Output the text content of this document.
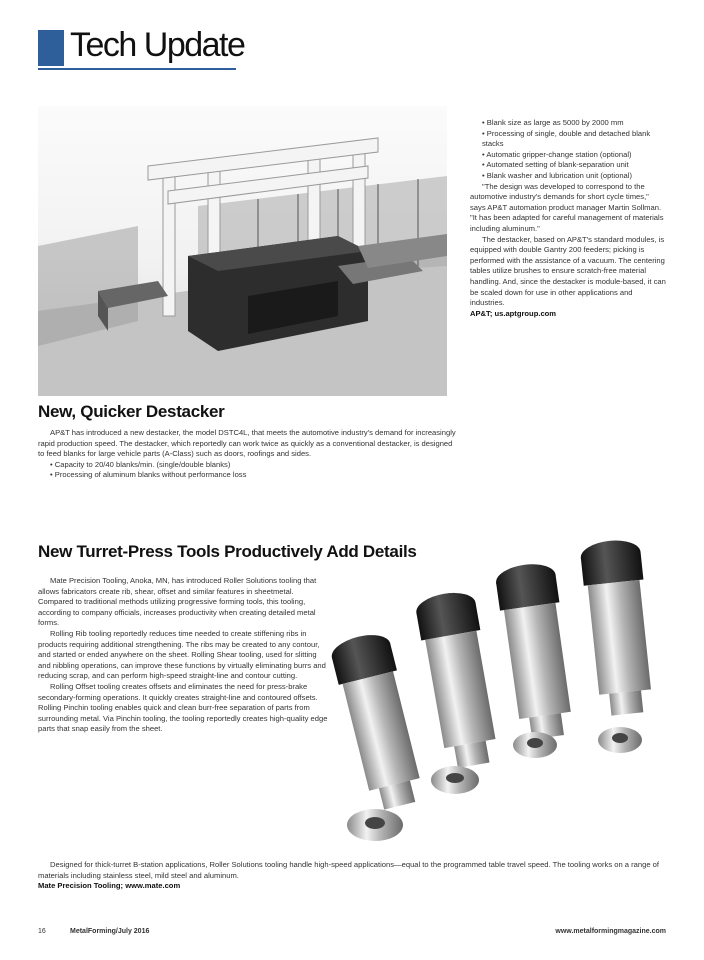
Tech Update
New, Quicker Destacker

AP&T has introduced a new destacker, the model DSTC4L, that meets the automotive industry's demand for increasingly rapid production speed. The destacker, which reportedly can work twice as quickly as a conventional destacker, is designed to feed blanks for large vehicle parts (A-Class) such as doors, roofings and sides.

• Capacity to 20/40 blanks/min. (single/double blanks)

• Processing of aluminum blanks without performance loss

• Blank size as large as 5000 by 2000 mm

• Processing of single, double and detached blank stacks

• Automatic gripper-change station (optional)

• Automated setting of blank-separation unit

• Blank washer and lubrication unit (optional)

"The design was developed to correspond to the automotive industry's demands for short cycle times," says AP&T automation product manager Martin Sollman. "It has been adapted for careful management of materials including aluminum."

The destacker, based on AP&T's standard modules, is equipped with double Gantry 200 feeders; picking is performed with the assistance of a vacuum. The centering tables utilize brushes to ensure scratch-free material handling. And, since the destacker is module-based, it can be scaled down for use in other applications and industries.

AP&T; us.aptgroup.com

New Turret-Press Tools Productively Add Details

Mate Precision Tooling, Anoka, MN, has introduced Roller Solutions tooling that allows fabricators create rib, shear, offset and similar features in sheetmetal. Compared to traditional methods utilizing progressive forming tools, this tooling, according to company officials, increases productivity when creating detailed metal forms.

Rolling Rib tooling reportedly reduces time needed to create stiffening ribs in products requiring additional strengthening. The ribs may be created to any contour, and started or ended anywhere on the sheet. Rolling Shear tooling, used for slitting and nibbling operations, can improve these functions by virtually eliminating burrs and reducing scrap, and can perform high-speed straight-line and contour cutting.

Rolling Offset tooling creates offsets and eliminates the need for press-brake secondary-forming operations. It quickly creates straight-line and contoured offsets. Rolling Pinchin tooling enables quick and clean burr-free separation of parts from surrounding metal. Via Pinchin tooling, the tooling reportedly creates high-quality edge parts that snap easily from the sheet.

Designed for thick-turret B-station applications, Roller Solutions tooling handle high-speed applications—equal to the programmed table travel speed. The tooling works on a range of materials including stainless steel, mild steel and aluminum.

Mate Precision Tooling; www.mate.com

16	MetalForming/July 2016	www.metalformingmagazine.com
